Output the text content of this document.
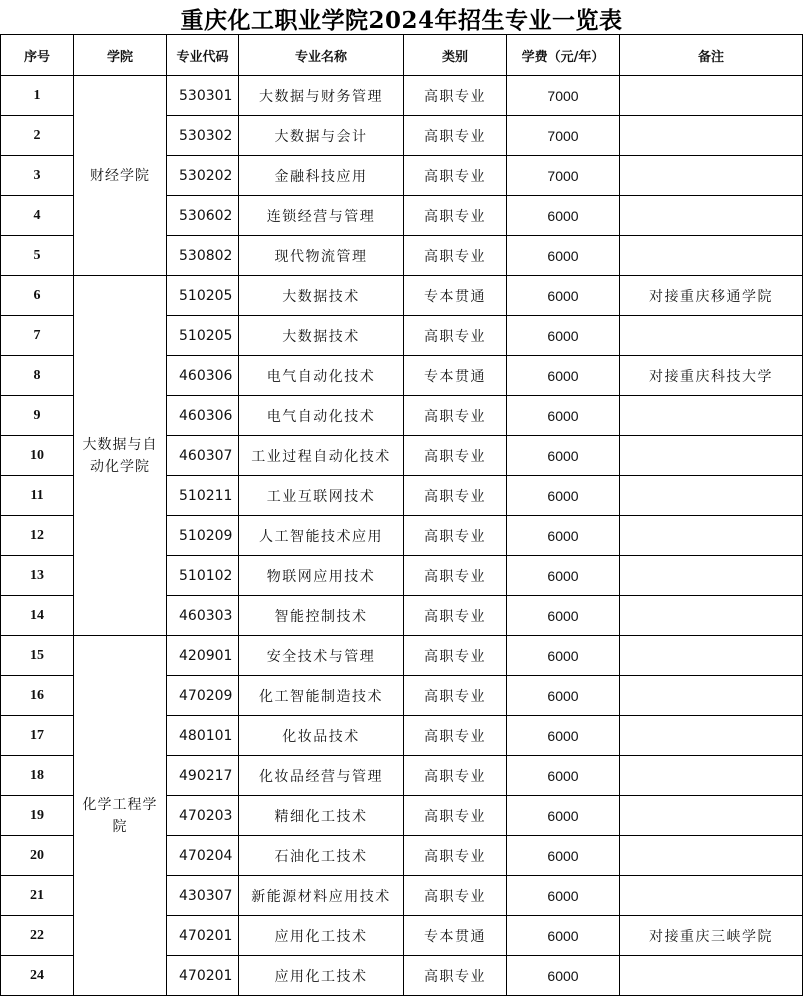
重庆化工职业学院2024年招生专业一览表
序号	学院	专业代码	专业名称	类别	学费（元/年）	备注
1	财经学院	530301	大数据与财务管理	高职专业	7000	
2		530302	大数据与会计	高职专业	7000	
3		530202	金融科技应用	高职专业	7000	
4		530602	连锁经营与管理	高职专业	6000	
5		530802	现代物流管理	高职专业	6000	
6	大数据与自动化学院	510205	大数据技术	专本贯通	6000	对接重庆移通学院
7		510205	大数据技术	高职专业	6000	
8		460306	电气自动化技术	专本贯通	6000	对接重庆科技大学
9		460306	电气自动化技术	高职专业	6000	
10		460307	工业过程自动化技术	高职专业	6000	
11		510211	工业互联网技术	高职专业	6000	
12		510209	人工智能技术应用	高职专业	6000	
13		510102	物联网应用技术	高职专业	6000	
14		460303	智能控制技术	高职专业	6000	
15	化学工程学院	420901	安全技术与管理	高职专业	6000	
16		470209	化工智能制造技术	高职专业	6000	
17		480101	化妆品技术	高职专业	6000	
18		490217	化妆品经营与管理	高职专业	6000	
19		470203	精细化工技术	高职专业	6000	
20		470204	石油化工技术	高职专业	6000	
21		430307	新能源材料应用技术	高职专业	6000	
22		470201	应用化工技术	专本贯通	6000	对接重庆三峡学院
24		470201	应用化工技术	高职专业	6000	
